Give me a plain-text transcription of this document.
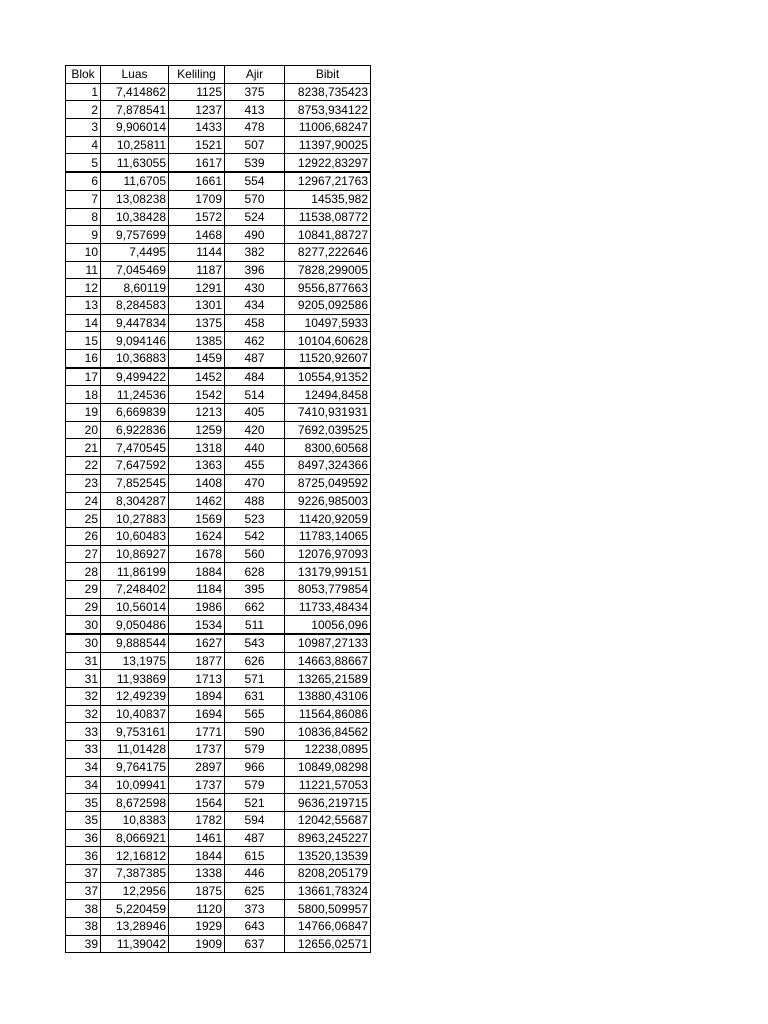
Blok	Luas	Keliling	Ajir	Bibit
1	7,414862	1125	375	8238,735423
2	7,878541	1237	413	8753,934122
3	9,906014	1433	478	11006,68247
4	10,25811	1521	507	11397,90025
5	11,63055	1617	539	12922,83297
6	11,6705	1661	554	12967,21763
7	13,08238	1709	570	14535,982
8	10,38428	1572	524	11538,08772
9	9,757699	1468	490	10841,88727
10	7,4495	1144	382	8277,222646
11	7,045469	1187	396	7828,299005
12	8,60119	1291	430	9556,877663
13	8,284583	1301	434	9205,092586
14	9,447834	1375	458	10497,5933
15	9,094146	1385	462	10104,60628
16	10,36883	1459	487	11520,92607
17	9,499422	1452	484	10554,91352
18	11,24536	1542	514	12494,8458
19	6,669839	1213	405	7410,931931
20	6,922836	1259	420	7692,039525
21	7,470545	1318	440	8300,60568
22	7,647592	1363	455	8497,324366
23	7,852545	1408	470	8725,049592
24	8,304287	1462	488	9226,985003
25	10,27883	1569	523	11420,92059
26	10,60483	1624	542	11783,14065
27	10,86927	1678	560	12076,97093
28	11,86199	1884	628	13179,99151
29	7,248402	1184	395	8053,779854
29	10,56014	1986	662	11733,48434
30	9,050486	1534	511	10056,096
30	9,888544	1627	543	10987,27133
31	13,1975	1877	626	14663,88667
31	11,93869	1713	571	13265,21589
32	12,49239	1894	631	13880,43106
32	10,40837	1694	565	11564,86086
33	9,753161	1771	590	10836,84562
33	11,01428	1737	579	12238,0895
34	9,764175	2897	966	10849,08298
34	10,09941	1737	579	11221,57053
35	8,672598	1564	521	9636,219715
35	10,8383	1782	594	12042,55687
36	8,066921	1461	487	8963,245227
36	12,16812	1844	615	13520,13539
37	7,387385	1338	446	8208,205179
37	12,2956	1875	625	13661,78324
38	5,220459	1120	373	5800,509957
38	13,28946	1929	643	14766,06847
39	11,39042	1909	637	12656,02571
